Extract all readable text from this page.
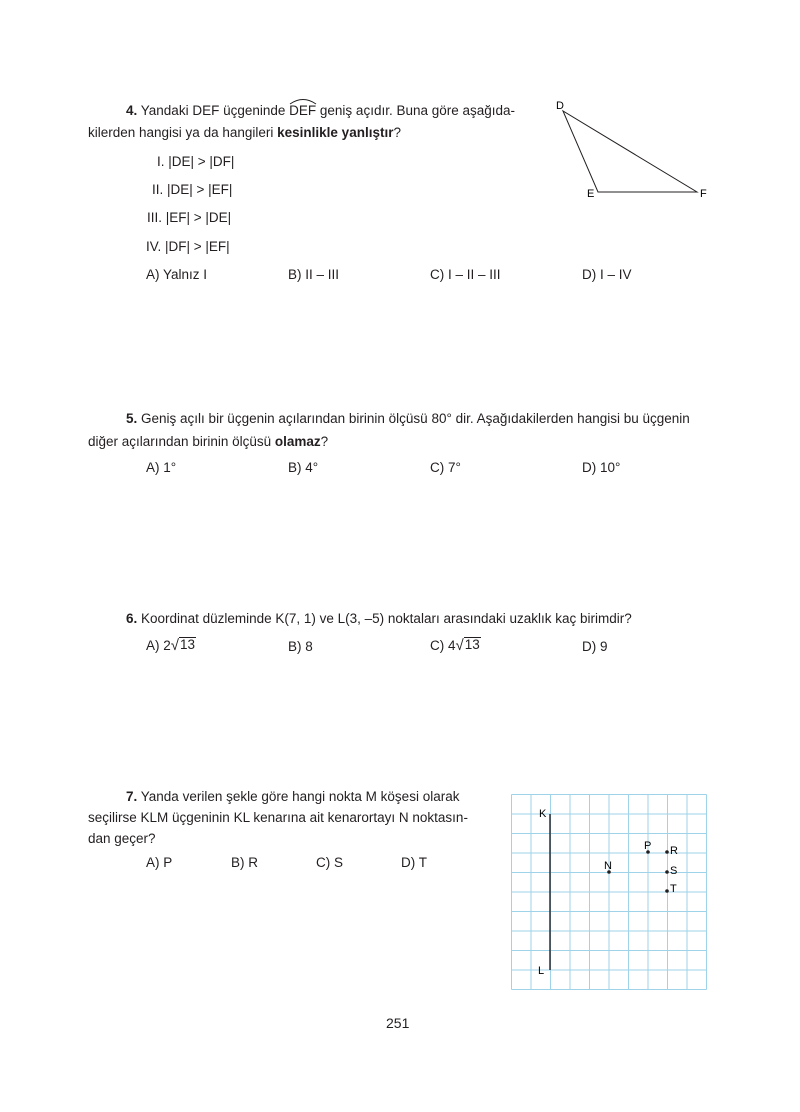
4. Yandaki DEF üçgeninde DEF geniş açıdır. Buna göre aşağıda-
kilerden hangisi ya da hangileri kesinlikle yanlıştır?
I. |DE| > |DF|
II. |DE| > |EF|
III. |EF| > |DE|
IV. |DF| > |EF|
A) Yalnız I	B) II – III	C) I – II – III	D) I – IV
D
E	F
5. Geniş açılı bir üçgenin açılarından birinin ölçüsü 80° dir. Aşağıdakilerden hangisi bu üçgenin
diğer açılarından birinin ölçüsü olamaz?
A) 1°	B) 4°	C) 7°	D) 10°
6. Koordinat düzleminde K(7, 1) ve L(3, –5) noktaları arasındaki uzaklık kaç birimdir?
A) 2 √ 13	B) 8	C) 4 √ 13	D) 9
7. Yanda verilen şekle göre hangi nokta M köşesi olarak
seçilirse KLM üçgeninin KL kenarına ait kenarortayı N noktasın-
dan geçer?
A) P	B) R	C) S	D) T
K
L
P R
N	S
T
251
